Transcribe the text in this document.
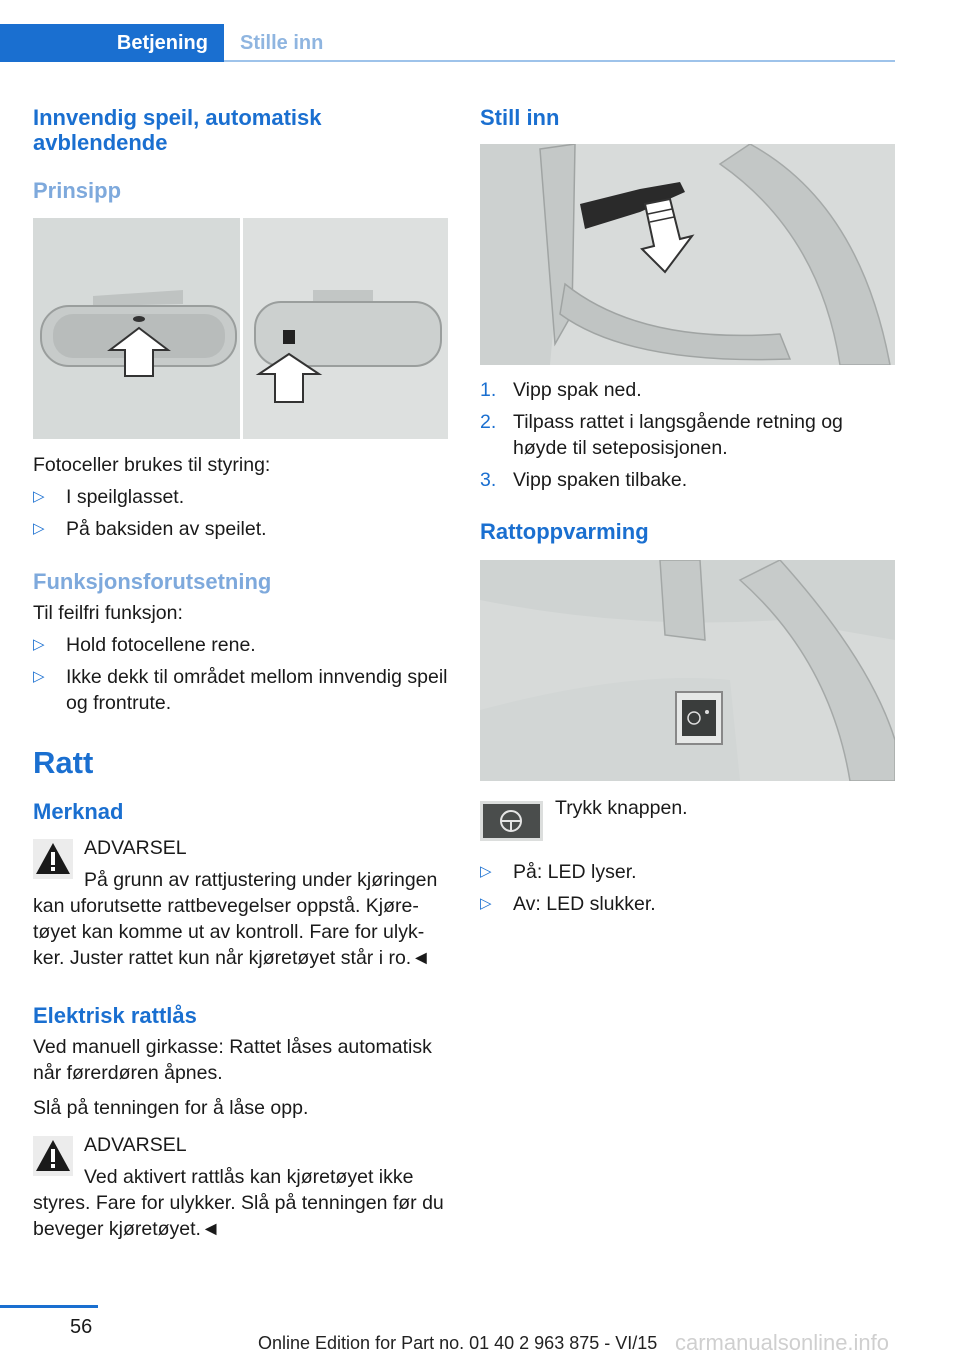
Betjening	Stille inn
Innvendig speil, automatisk avblendende
Prinsipp

Fotoceller brukes til styring:

▷ I speilglasset.
▷ På baksiden av speilet.
Funksjonsforutsetning

Til feilfri funksjon:

▷ Hold fotocellene rene.
▷ Ikke dekk til området mellom innvendig speil og frontrute.
Ratt
Merknad
ADVARSEL

På grunn av rattjustering under kjøringen kan uforutsette rattbevegelser oppstå. Kjøre-tøyet kan komme ut av kontroll. Fare for ulyk-ker. Juster rattet kun når kjøretøyet står i ro.◄

Elektrisk rattlås

Ved manuell girkasse: Rattet låses automatisk når førerdøren åpnes.

Slå på tenningen for å låse opp.

ADVARSEL

Ved aktivert rattlås kan kjøretøyet ikke styres. Fare for ulykker. Slå på tenningen før du beveger kjøretøyet.◄

Still inn
1. Vipp spak ned.
2. Tilpass rattet i langsgående retning og høyde til seteposisjonen.
3. Vipp spaken tilbake.
Rattoppvarming
Trykk knappen.
▷ På: LED lyser.
▷ Av: LED slukker.
56
Online Edition for Part no. 01 40 2 963 875 - VI/15 carmanualsonline.info
